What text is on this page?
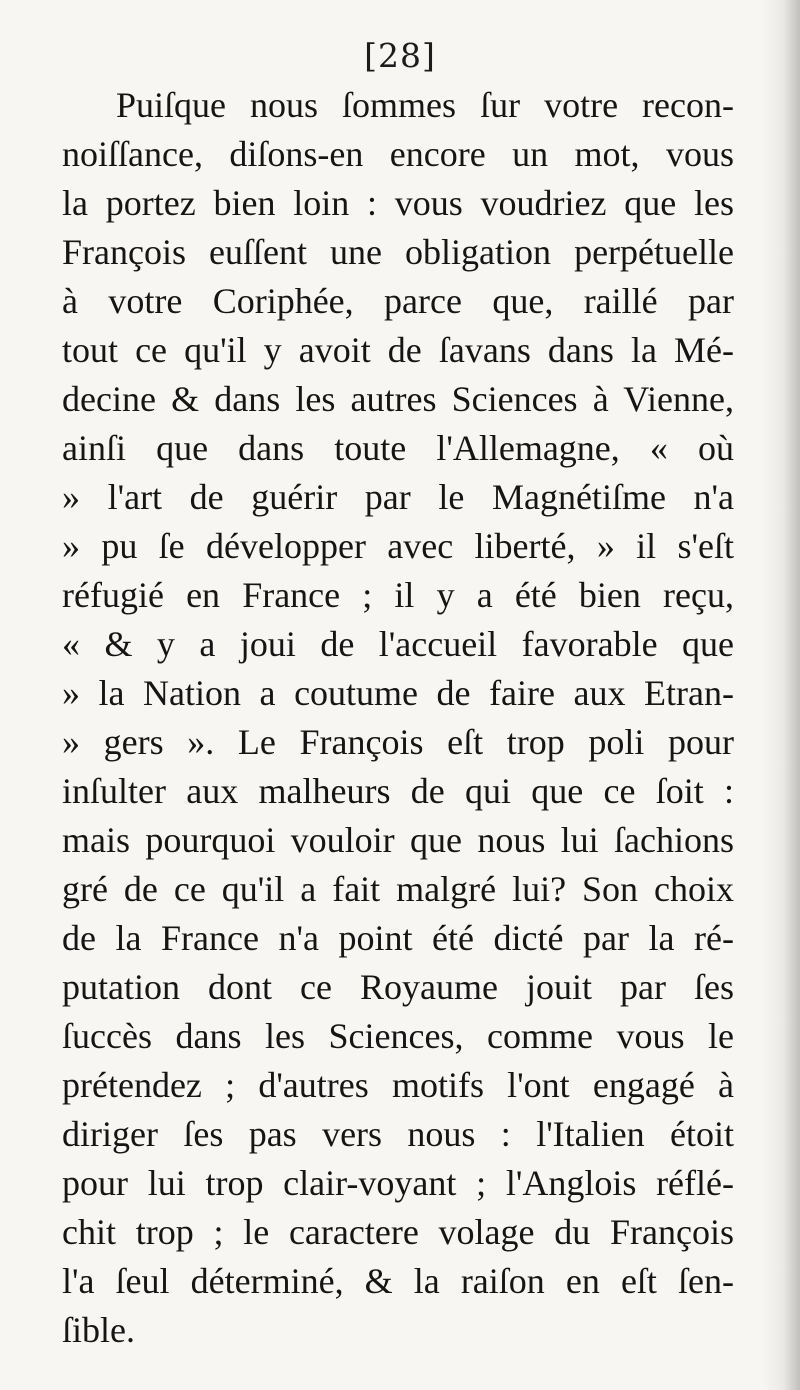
[28]
Puiſque nous ſommes ſur votre recon-
noiſſance, diſons-en encore un mot, vous
la portez bien loin : vous voudriez que les
François euſſent une obligation perpétuelle
à votre Coriphée, parce que, raillé par
tout ce qu'il y avoit de ſavans dans la Mé-
decine & dans les autres Sciences à Vienne,
ainſi que dans toute l'Allemagne, « où
» l'art de guérir par le Magnétiſme n'a
» pu ſe développer avec liberté, » il s'eſt
réfugié en France ; il y a été bien reçu,
« & y a joui de l'accueil favorable que
» la Nation a coutume de faire aux Etran-
» gers ». Le François eſt trop poli pour
inſulter aux malheurs de qui que ce ſoit :
mais pourquoi vouloir que nous lui ſachions
gré de ce qu'il a fait malgré lui? Son choix
de la France n'a point été dicté par la ré-
putation dont ce Royaume jouit par ſes
ſuccès dans les Sciences, comme vous le
prétendez ; d'autres motifs l'ont engagé à
diriger ſes pas vers nous : l'Italien étoit
pour lui trop clair-voyant ; l'Anglois réflé-
chit trop ; le caractere volage du François
l'a ſeul déterminé, & la raiſon en eſt ſen-
ſible.
